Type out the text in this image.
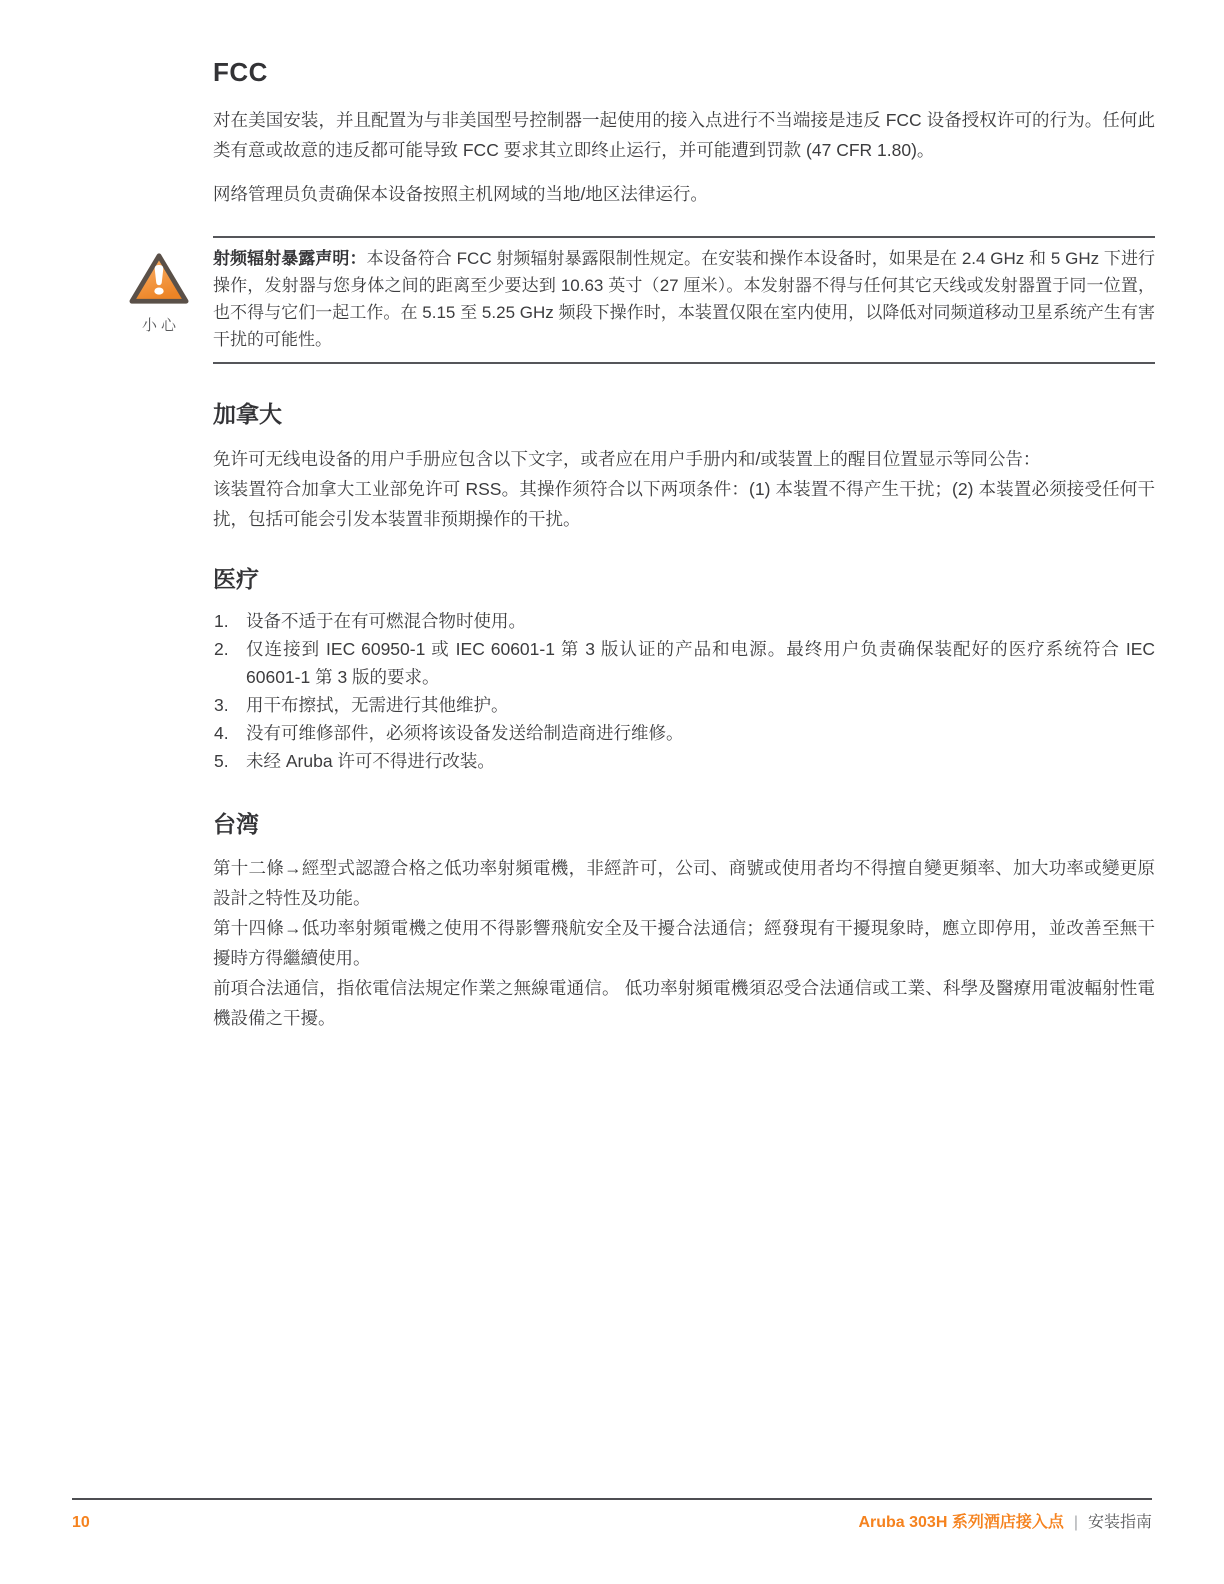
FCC

对在美国安装，并且配置为与非美国型号控制器一起使用的接入点进行不当端接是违反 FCC 设备授权许可的行为。任何此类有意或故意的违反都可能导致 FCC 要求其立即终止运行，并可能遭到罚款 (47 CFR 1.80)。

网络管理员负责确保本设备按照主机网域的当地/地区法律运行。

小心

射频辐射暴露声明：本设备符合 FCC 射频辐射暴露限制性规定。在安装和操作本设备时，如果是在 2.4 GHz 和 5 GHz 下进行操作，发射器与您身体之间的距离至少要达到 10.63 英寸（27 厘米）。本发射器不得与任何其它天线或发射器置于同一位置，也不得与它们一起工作。在 5.15 至 5.25 GHz 频段下操作时，本装置仅限在室内使用，以降低对同频道移动卫星系统产生有害干扰的可能性。

加拿大

免许可无线电设备的用户手册应包含以下文字，或者应在用户手册内和/或装置上的醒目位置显示等同公告：

该装置符合加拿大工业部免许可 RSS。其操作须符合以下两项条件：(1) 本装置不得产生干扰；(2) 本装置必须接受任何干扰，包括可能会引发本装置非预期操作的干扰。

医疗
设备不适于在有可燃混合物时使用。
仅连接到 IEC 60950-1 或 IEC 60601-1 第 3 版认证的产品和电源。最终用户负责确保装配好的医疗系统符合 IEC 60601-1 第 3 版的要求。
用干布擦拭，无需进行其他维护。
没有可维修部件，必须将该设备发送给制造商进行维修。
未经 Aruba 许可不得进行改装。
台湾

第十二條→經型式認證合格之低功率射頻電機，非經許可，公司、商號或使用者均不得擅自變更頻率、加大功率或變更原設計之特性及功能。

第十四條→低功率射頻電機之使用不得影響飛航安全及干擾合法通信；經發現有干擾現象時，應立即停用，並改善至無干擾時方得繼續使用。

前項合法通信，指依電信法規定作業之無線電通信。 低功率射頻電機須忍受合法通信或工業、科學及醫療用電波輻射性電機設備之干擾。

10	Aruba 303H 系列酒店接入点 | 安装指南
